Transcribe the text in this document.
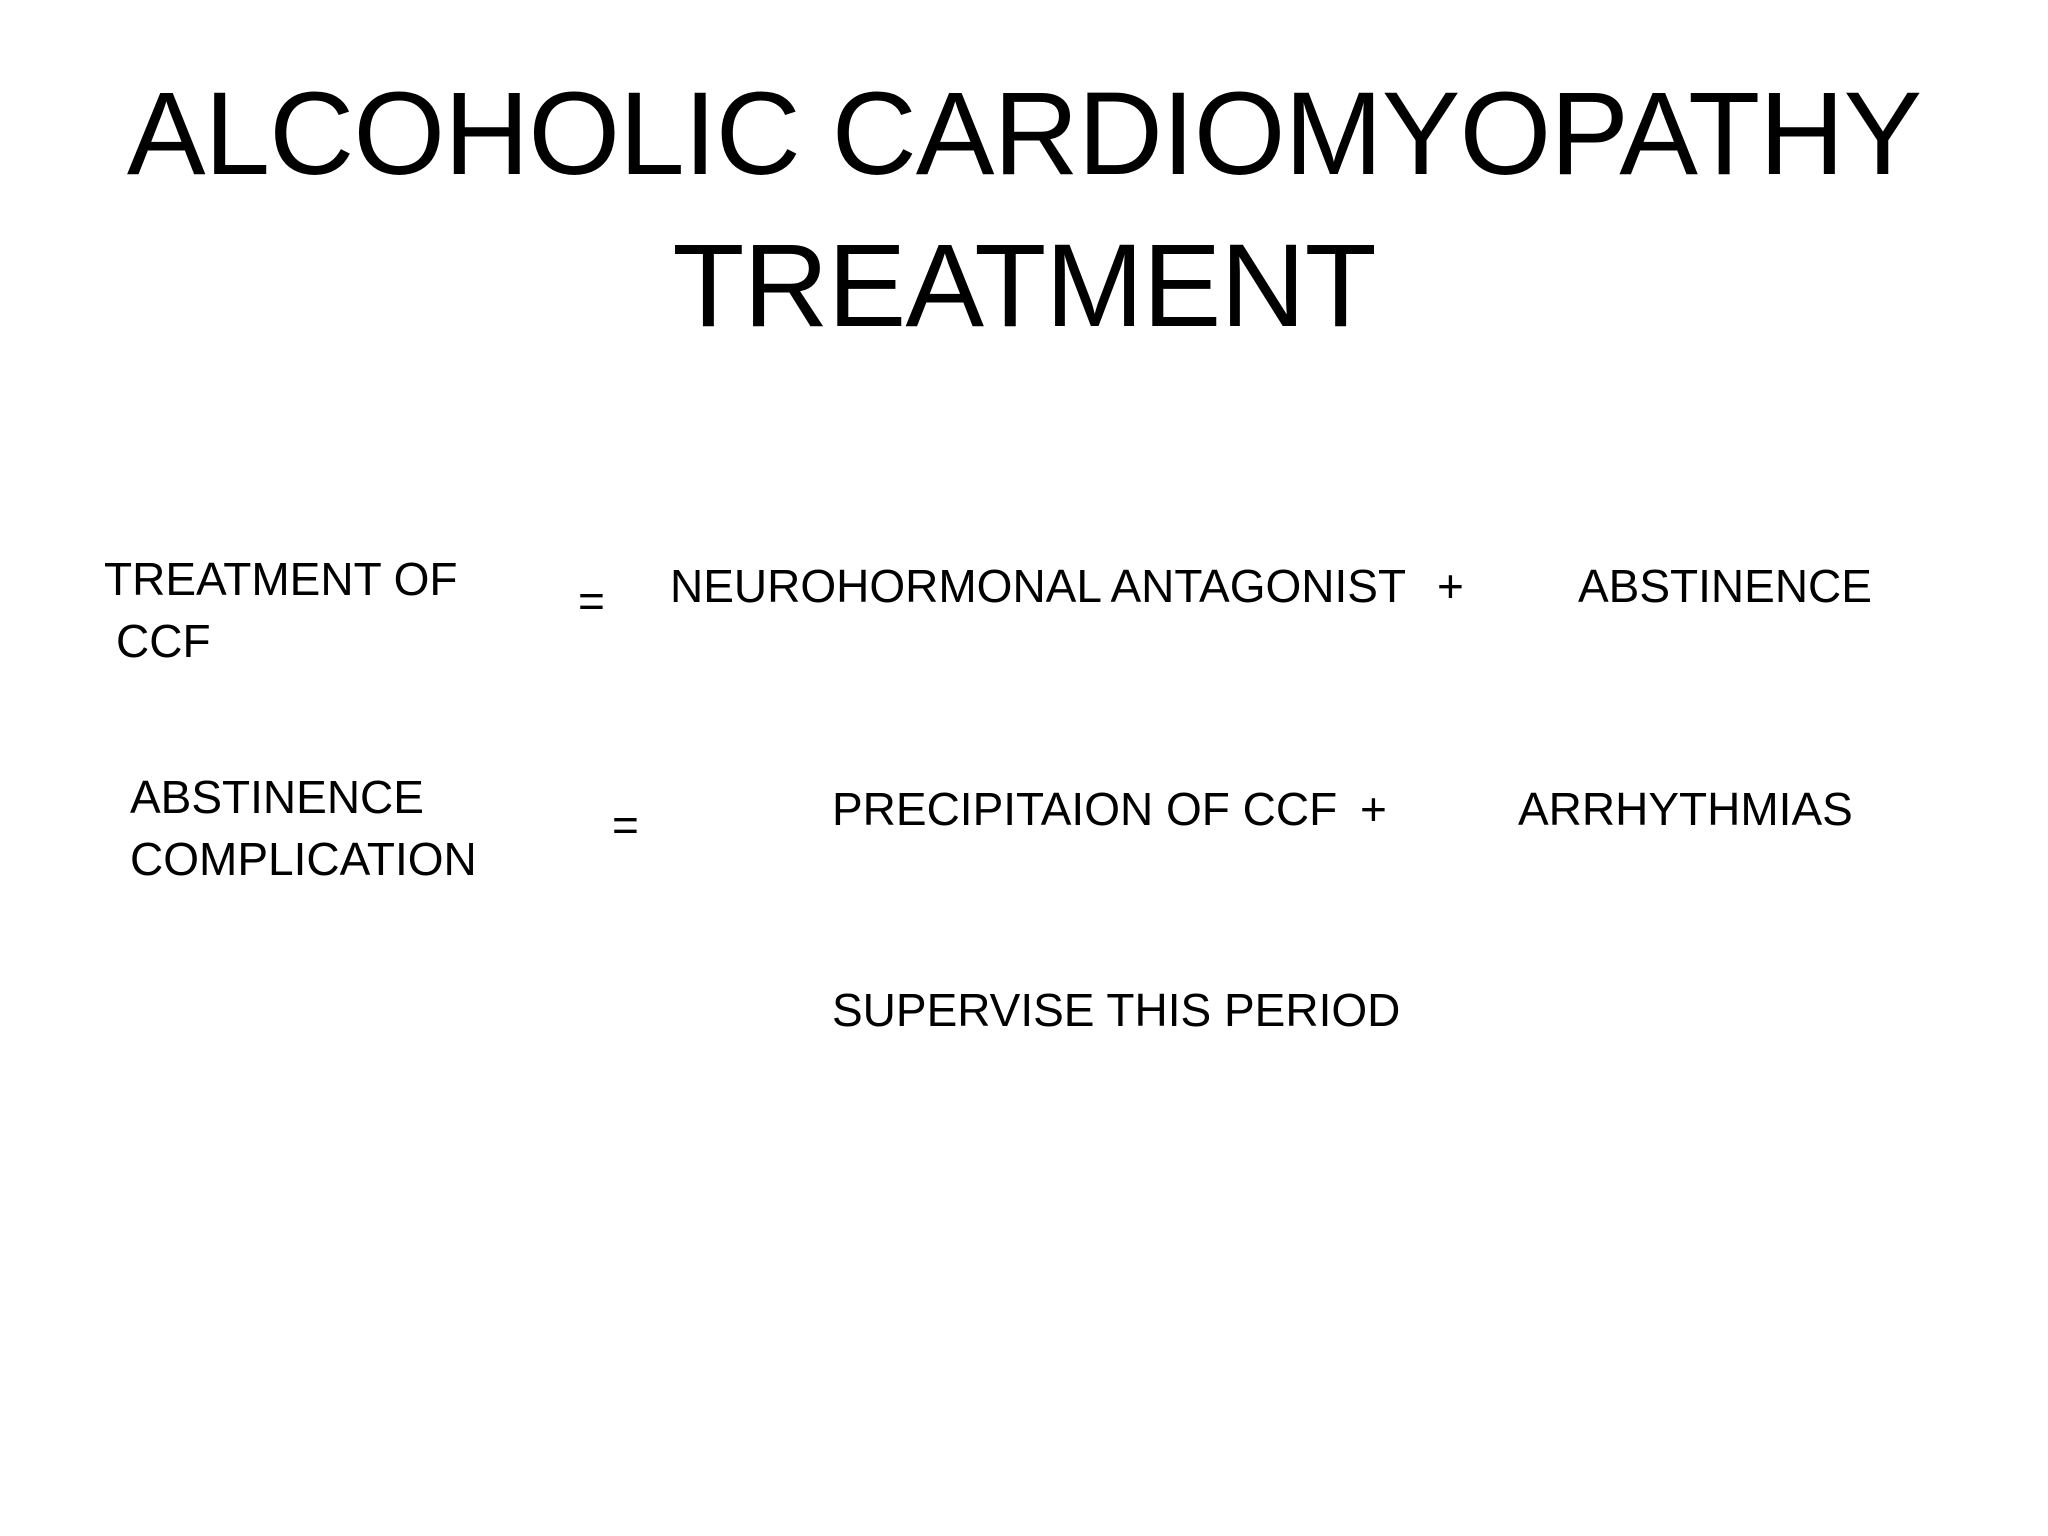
ALCOHOLIC CARDIOMYOPATHY
TREATMENT
TREATMENT OF
CCF
= NEUROHORMONAL ANTAGONIST + ABSTINENCE
ABSTINENCE
COMPLICATION
=	PRECIPITAION OF CCF +	ARRHYTHMIAS
SUPERVISE THIS PERIOD
